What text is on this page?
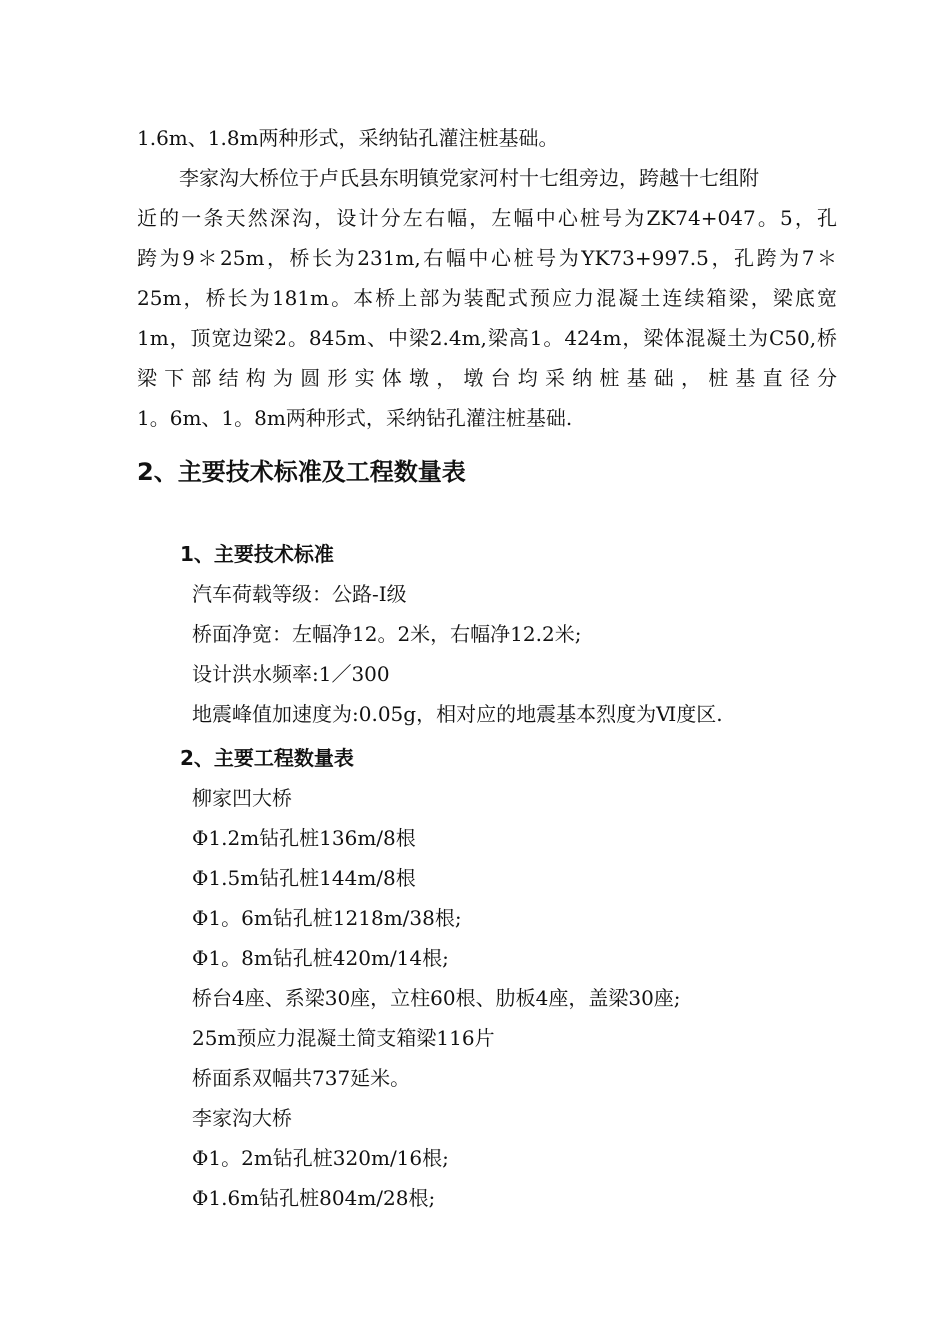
1.6m、1.8m两种形式，采纳钻孔灌注桩基础。
李家沟大桥位于卢氏县东明镇党家河村十七组旁边，跨越十七组附
近的一条天然深沟，设计分左右幅，左幅中心桩号为ZK74+047。5，孔
跨为9＊25m，桥长为231m,右幅中心桩号为YK73+997.5，孔跨为7＊
25m，桥长为181m。本桥上部为装配式预应力混凝土连续箱梁，梁底宽
1m，顶宽边梁2。845m、中梁2.4m,梁高1。424m，梁体混凝土为C50,桥
梁下部结构为圆形实体墩，墩台均采纳桩基础，桩基直径分
1。6m、1。8m两种形式，采纳钻孔灌注桩基础.
2、主要技术标准及工程数量表
1、主要技术标准
汽车荷载等级：公路-I级
桥面净宽：左幅净12。2米，右幅净12.2米;
设计洪水频率:1／300
地震峰值加速度为:0.05g，相对应的地震基本烈度为Ⅵ度区.
2、主要工程数量表
柳家凹大桥
Φ1.2m钻孔桩136m/8根
Φ1.5m钻孔桩144m/8根
Φ1。6m钻孔桩1218m/38根;
Φ1。8m钻孔桩420m/14根;
桥台4座、系梁30座，立柱60根、肋板4座，盖梁30座;
25m预应力混凝土简支箱梁116片
桥面系双幅共737延米。
李家沟大桥
Φ1。2m钻孔桩320m/16根;
Φ1.6m钻孔桩804m/28根;
